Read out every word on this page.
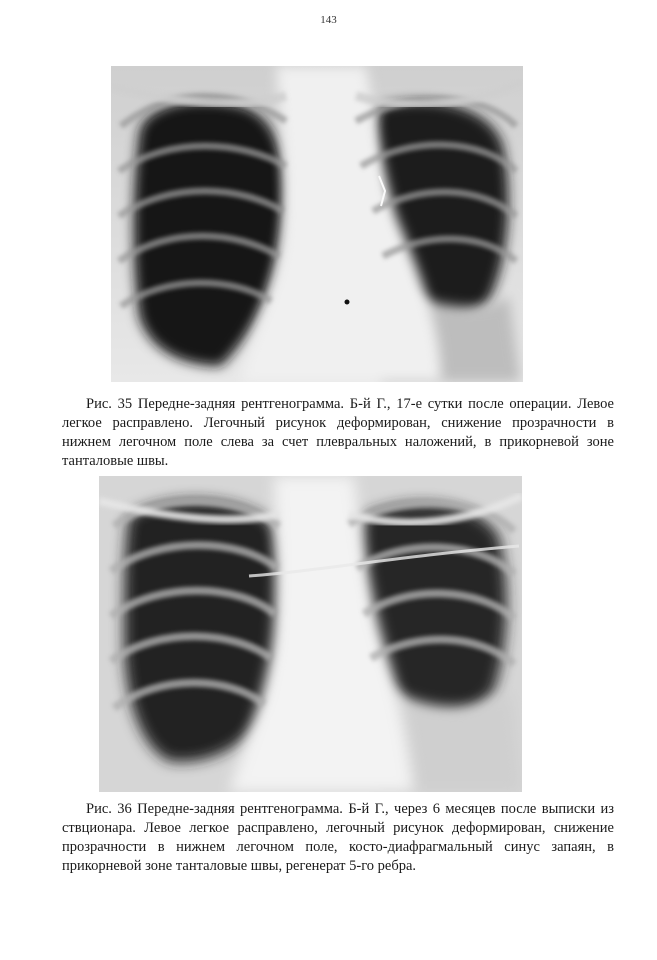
143

Рис. 35 Передне-задняя рентгенограмма. Б-й Г., 17-е сутки после операции. Левое легкое расправлено. Легочный рисунок деформирован, снижение прозрачности в нижнем легочном поле слева за счет плевральных наложений, в прикорневой зоне танталовые швы.

Рис. 36 Передне-задняя рентгенограмма. Б-й Г., через 6 месяцев после выписки из ствционара. Левое легкое расправлено, легочный рисунок деформирован, снижение прозрачности в нижнем легочном поле, косто-диафрагмальный синус запаян, в прикорневой зоне танталовые швы, регенерат 5-го ребра.
